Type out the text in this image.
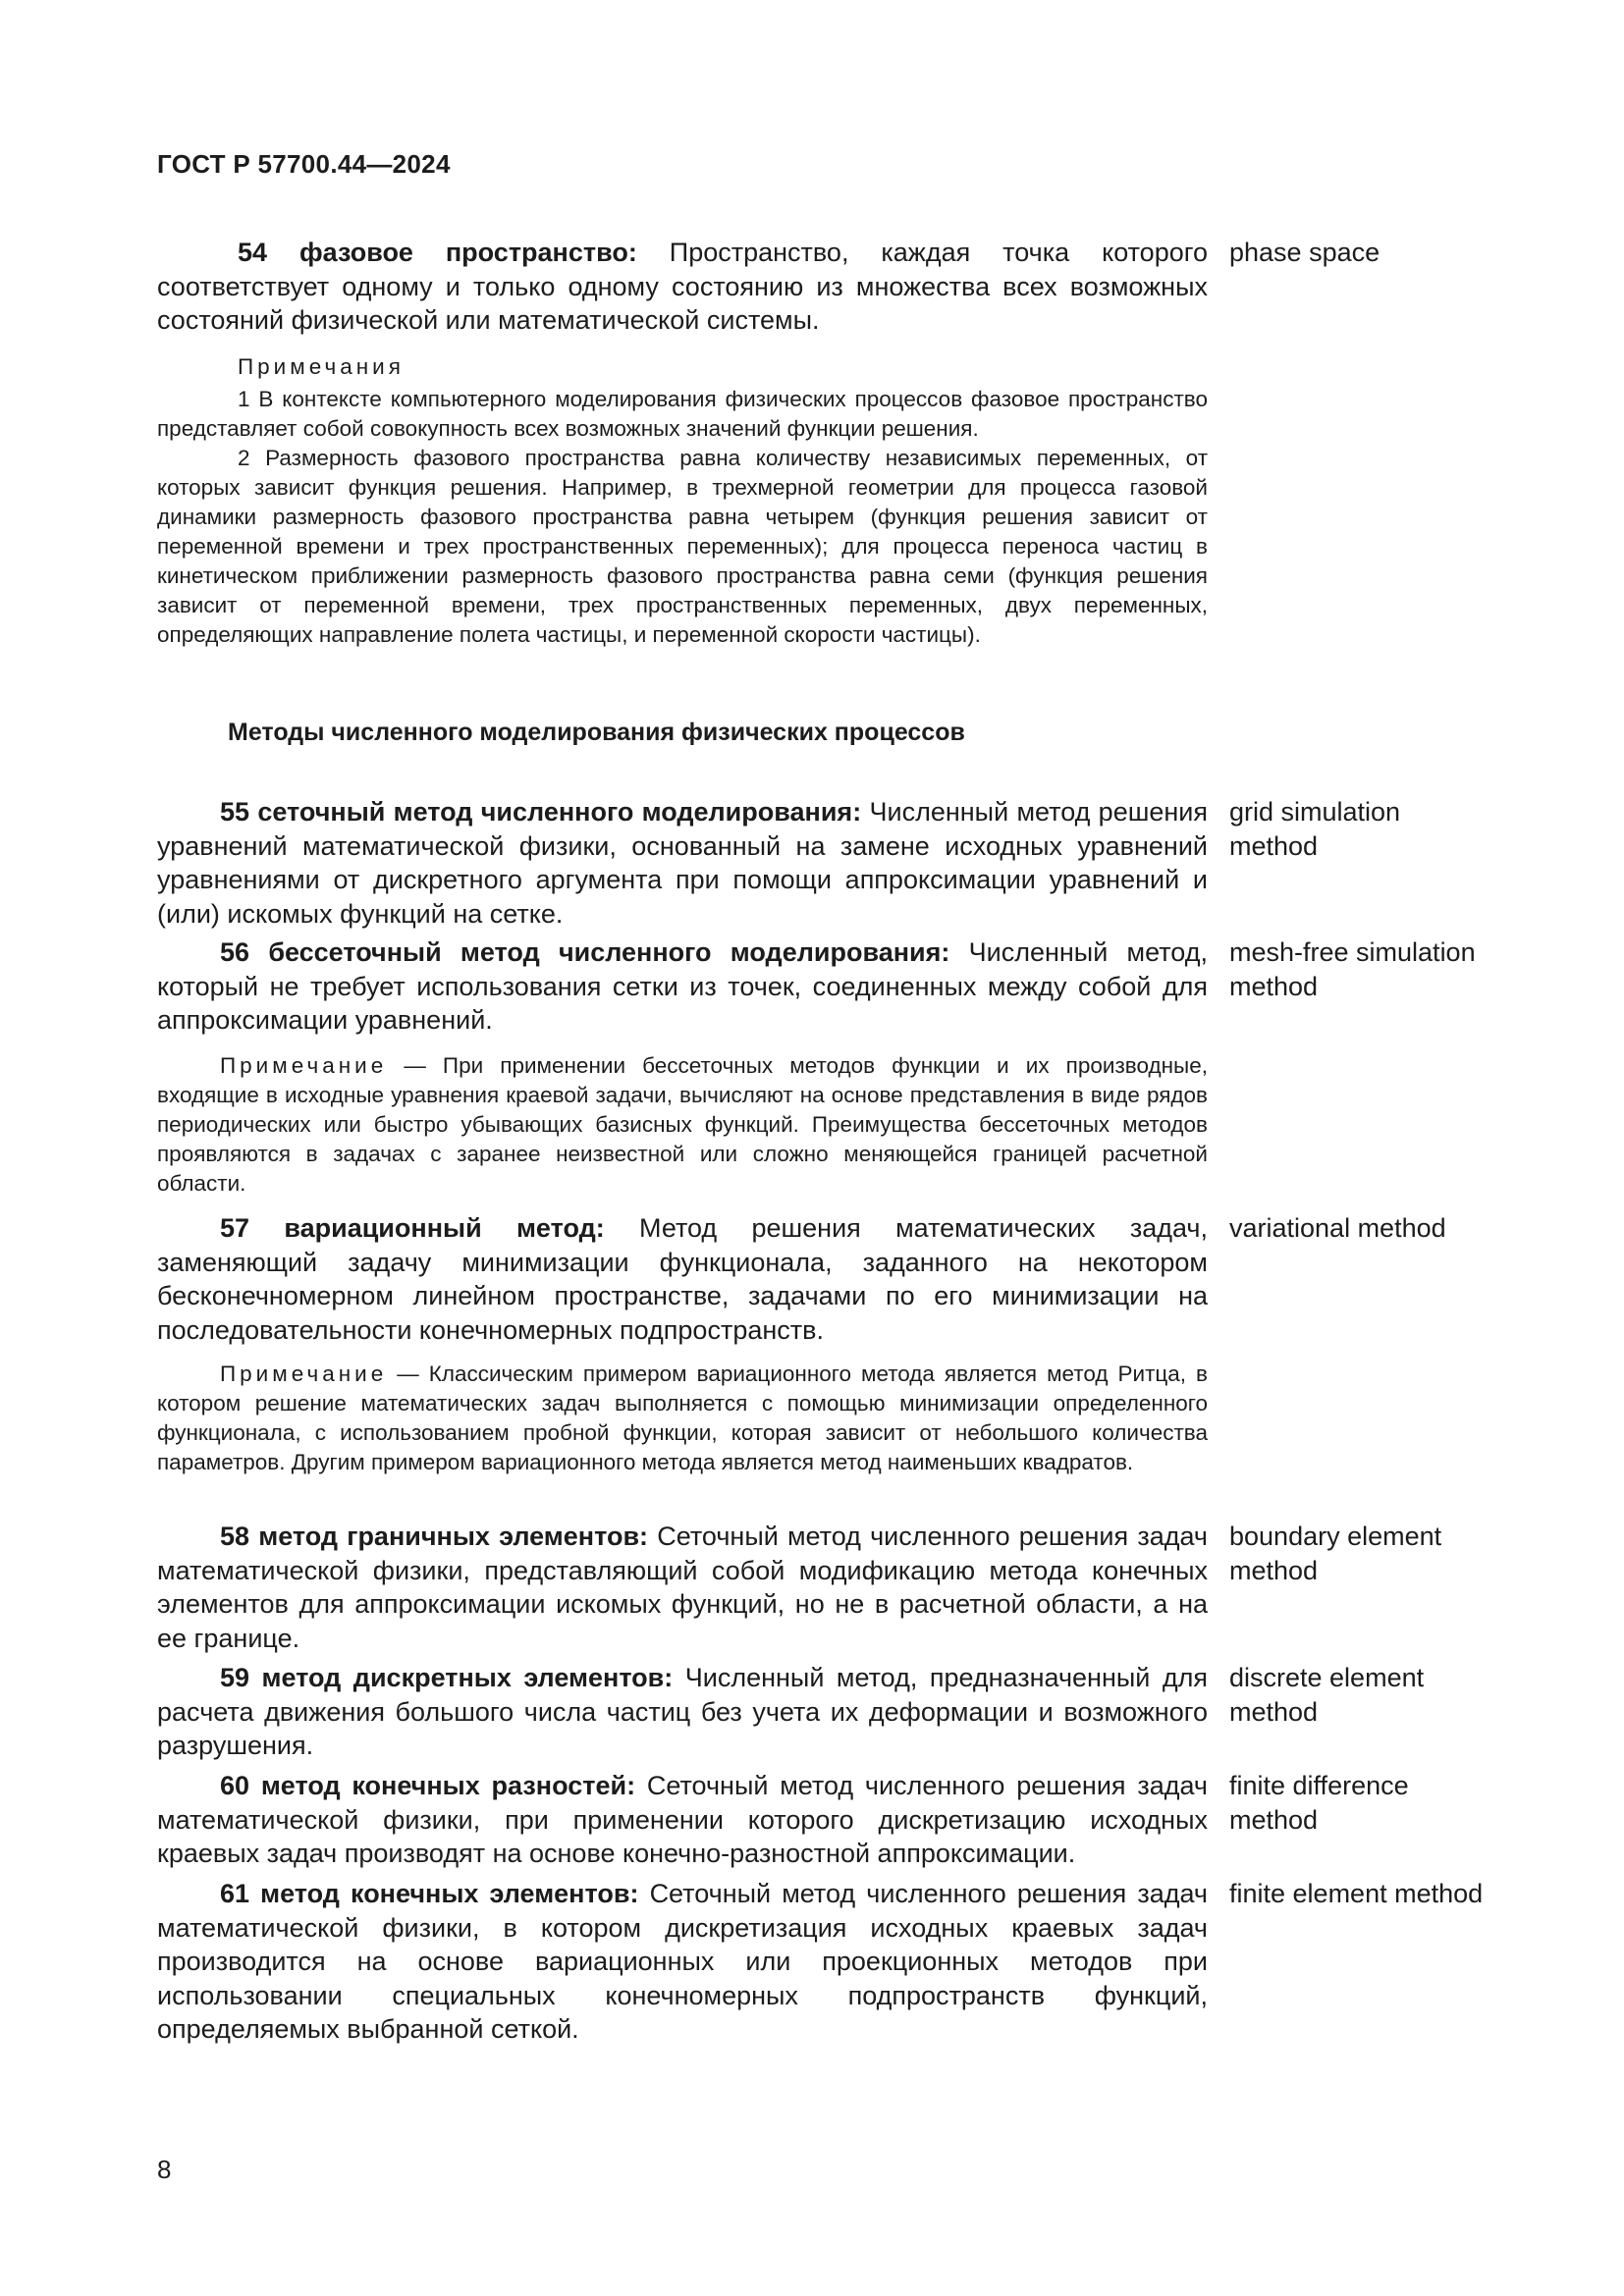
ГОСТ Р 57700.44—2024
54 фазовое пространство: Пространство, каждая точка которого соответствует одному и только одному состоянию из множества всех возможных состояний физической или математической системы.
phase space
Примечания

1 В контексте компьютерного моделирования физических процессов фазовое пространство представляет собой совокупность всех возможных значений функции решения.

2 Размерность фазового пространства равна количеству независимых переменных, от которых зависит функция решения. Например, в трехмерной геометрии для процесса газовой динамики размерность фазового пространства равна четырем (функция решения зависит от переменной времени и трех пространственных переменных); для процесса переноса частиц в кинетическом приближении размерность фазового пространства равна семи (функция решения зависит от переменной времени, трех пространственных переменных, двух переменных, определяющих направление полета частицы, и переменной скорости частицы).

Методы численного моделирования физических процессов
55 сеточный метод численного моделирования: Численный метод решения уравнений математической физики, основанный на замене исходных уравнений уравнениями от дискретного аргумента при помощи аппроксимации уравнений и (или) искомых функций на сетке.
grid simulation method
56 бессеточный метод численного моделирования: Численный метод, который не требует использования сетки из точек, соединенных между собой для аппроксимации уравнений.
mesh-free simulation method
Примечание — При применении бессеточных методов функции и их производные, входящие в исходные уравнения краевой задачи, вычисляют на основе представления в виде рядов периодических или быстро убывающих базисных функций. Преимущества бессеточных методов проявляются в задачах с заранее неизвестной или сложно меняющейся границей расчетной области.
57 вариационный метод: Метод решения математических задач, заменяющий задачу минимизации функционала, заданного на некотором бесконечномерном линейном пространстве, задачами по его минимизации на последовательности конечномерных подпространств.
variational method
Примечание — Классическим примером вариационного метода является метод Ритца, в котором решение математических задач выполняется с помощью минимизации определенного функционала, с использованием пробной функции, которая зависит от небольшого количества параметров. Другим примером вариационного метода является метод наименьших квадратов.
58 метод граничных элементов: Сеточный метод численного решения задач математической физики, представляющий собой модификацию метода конечных элементов для аппроксимации искомых функций, но не в расчетной области, а на ее границе.
boundary element method
59 метод дискретных элементов: Численный метод, предназначенный для расчета движения большого числа частиц без учета их деформации и возможного разрушения.
discrete element method
60 метод конечных разностей: Сеточный метод численного решения задач математической физики, при применении которого дискретизацию исходных краевых задач производят на основе конечно-разностной аппроксимации.
finite difference method
61 метод конечных элементов: Сеточный метод численного решения задач математической физики, в котором дискретизация исходных краевых задач производится на основе вариационных или проекционных методов при использовании специальных конечномерных подпространств функций, определяемых выбранной сеткой.
finite element method
8
